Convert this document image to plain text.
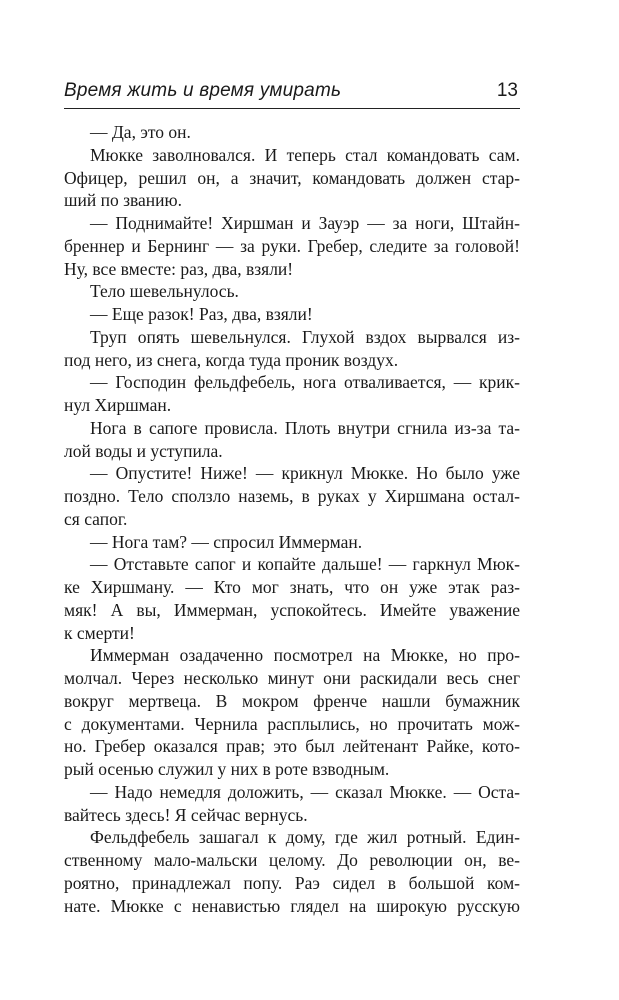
Время жить и время умирать	13
— Да, это он.
Мюкке заволновался. И теперь стал командовать сам.
Офицер, решил он, а значит, командовать должен стар-
ший по званию.
— Поднимайте! Хиршман и Зауэр — за ноги, Штайн-
бреннер и Бернинг — за руки. Гребер, следите за головой!
Ну, все вместе: раз, два, взяли!
Тело шевельнулось.
— Еще разок! Раз, два, взяли!
Труп опять шевельнулся. Глухой вздох вырвался из-
под него, из снега, когда туда проник воздух.
— Господин фельдфебель, нога отваливается, — крик-
нул Хиршман.
Нога в сапоге провисла. Плоть внутри сгнила из-за та-
лой воды и уступила.
— Опустите! Ниже! — крикнул Мюкке. Но было уже
поздно. Тело сползло наземь, в руках у Хиршмана остал-
ся сапог.
— Нога там? — спросил Иммерман.
— Отставьте сапог и копайте дальше! — гаркнул Мюк-
ке Хиршману. — Кто мог знать, что он уже этак раз-
мяк! А вы, Иммерман, успокойтесь. Имейте уважение
к смерти!
Иммерман озадаченно посмотрел на Мюкке, но про-
молчал. Через несколько минут они раскидали весь снег
вокруг мертвеца. В мокром френче нашли бумажник
с документами. Чернила расплылись, но прочитать мож-
но. Гребер оказался прав; это был лейтенант Райке, кото-
рый осенью служил у них в роте взводным.
— Надо немедля доложить, — сказал Мюкке. — Оста-
вайтесь здесь! Я сейчас вернусь.
Фельдфебель зашагал к дому, где жил ротный. Един-
ственному мало-мальски целому. До революции он, ве-
роятно, принадлежал попу. Раэ сидел в большой ком-
нате. Мюкке с ненавистью глядел на широкую русскую
